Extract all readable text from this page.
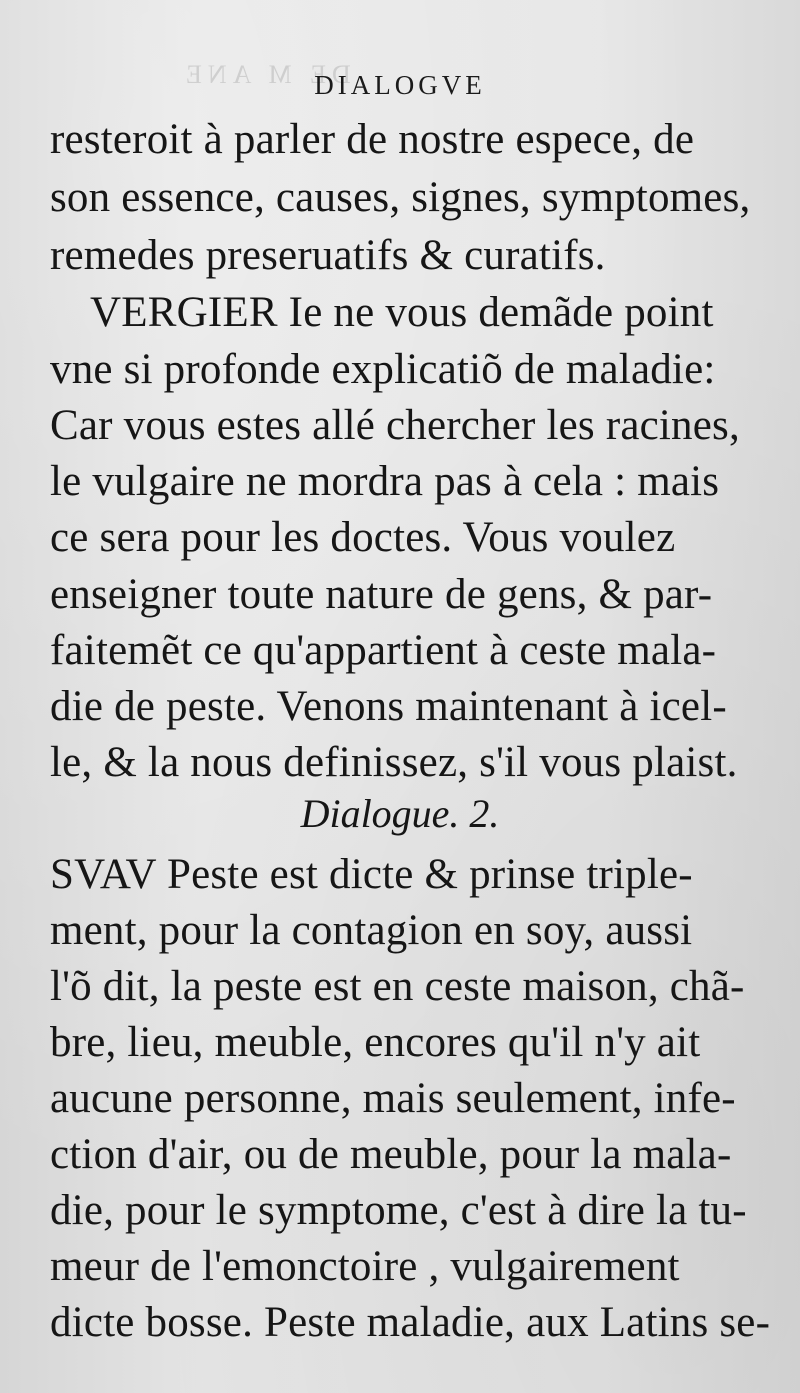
DE M ANE
DIALOGVE
resteroit à parler de nostre espece, de
son essence, causes, signes, symptomes,
remedes preseruatifs & curatifs.
VERGIER Ie ne vous demãde point
vne si profonde explicatiõ de maladie:
Car vous estes allé chercher les racines,
le vulgaire ne mordra pas à cela : mais
ce sera pour les doctes. Vous voulez
enseigner toute nature de gens, & par-
faitemẽt ce qu'appartient à ceste mala-
die de peste. Venons maintenant à icel-
le, & la nous definissez, s'il vous plaist.
Dialogue. 2.
SVAV Peste est dicte & prinse triple-
ment, pour la contagion en soy, aussi
l'õ dit, la peste est en ceste maison, chã-
bre, lieu, meuble, encores qu'il n'y ait
aucune personne, mais seulement, infe-
ction d'air, ou de meuble, pour la mala-
die, pour le symptome, c'est à dire la tu-
meur de l'emonctoire , vulgairement
dicte bosse. Peste maladie, aux Latins se-
